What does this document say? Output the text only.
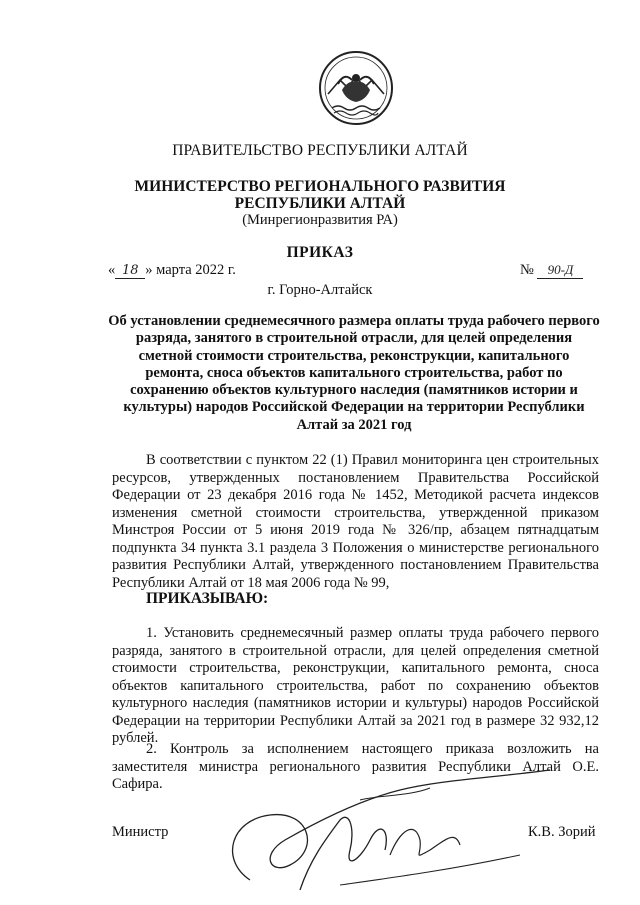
ПРАВИТЕЛЬСТВО РЕСПУБЛИКИ АЛТАЙ
МИНИСТЕРСТВО РЕГИОНАЛЬНОГО РАЗВИТИЯ
РЕСПУБЛИКИ АЛТАЙ
(Минрегионразвития РА)
ПРИКАЗ
« 18 » марта 2022 г.	№ 90-Д
г. Горно-Алтайск
Об установлении среднемесячного размера оплаты труда рабочего первого разряда, занятого в строительной отрасли, для целей определения сметной стоимости строительства, реконструкции, капитального ремонта, сноса объектов капитального строительства, работ по сохранению объектов культурного наследия (памятников истории и культуры) народов Российской Федерации на территории Республики Алтай за 2021 год

В соответствии с пунктом 22 (1) Правил мониторинга цен строительных ресурсов, утвержденных постановлением Правительства Российской Федерации от 23 декабря 2016 года № 1452, Методикой расчета индексов изменения сметной стоимости строительства, утвержденной приказом Минстроя России от 5 июня 2019 года № 326/пр, абзацем пятнадцатым подпункта 34 пункта 3.1 раздела 3 Положения о министерстве регионального развития Республики Алтай, утвержденного постановлением Правительства Республики Алтай от 18 мая 2006 года № 99,

ПРИКАЗЫВАЮ:

1. Установить среднемесячный размер оплаты труда рабочего первого разряда, занятого в строительной отрасли, для целей определения сметной стоимости строительства, реконструкции, капитального ремонта, сноса объектов капитального строительства, работ по сохранению объектов культурного наследия (памятников истории и культуры) народов Российской Федерации на территории Республики Алтай за 2021 год в размере 32 932,12 рублей.

2. Контроль за исполнением настоящего приказа возложить на заместителя министра регионального развития Республики Алтай О.Е. Сафира.

Министр	К.В. Зорий
